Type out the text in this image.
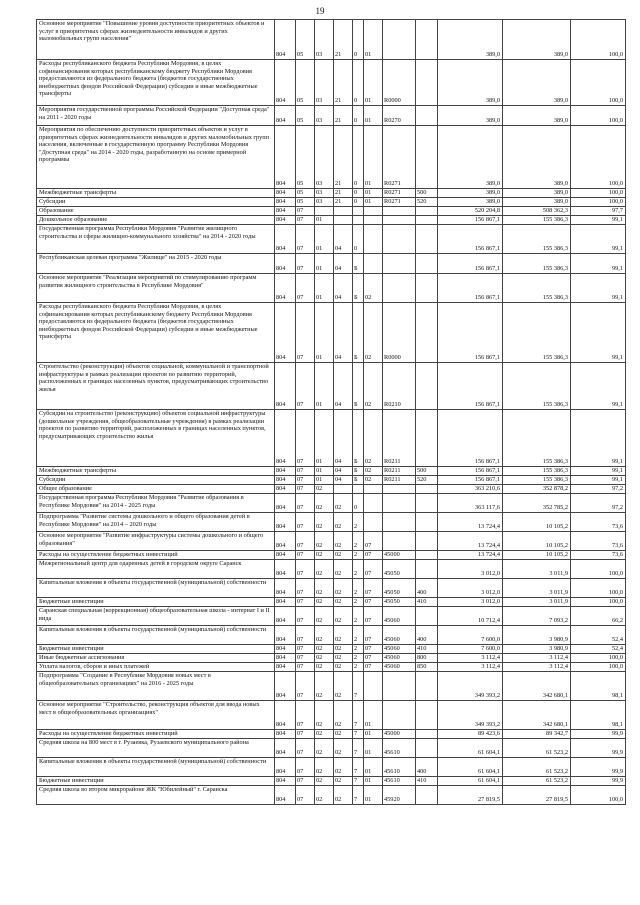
19
Основное мероприятие "Повышение уровня доступности приоритетных объектов и услуг в приоритетных сферах жизнедеятельности инвалидов и других маломобильных групп населения"	804	05	03	21	0	01			389,0	389,0	100,0
Расходы республиканского бюджета Республики Мордовия, в целях софинансирования которых республиканскому бюджету Республики Мордовия предоставляются из федерального бюджета (бюджетов государственных внебюджетных фондов Российской Федерации) субсидии и иные межбюджетные трансферты	804	05	03	21	0	01	R0000		389,0	389,0	100,0
Мероприятия государственной программы Российской Федерации "Доступная среда" на 2011 - 2020 годы	804	05	03	21	0	01	R0270		389,0	389,0	100,0
Мероприятия по обеспечению доступности приоритетных объектов и услуг в приоритетных сферах жизнедеятельности инвалидов и других маломобильных групп населения, включенные в государственную программу Республики Мордовия "Доступная среда" на 2014 - 2020 годы, разработанную на основе примерной программы	804	05	03	21	0	01	R0271		389,0	389,0	100,0
Межбюджетные трансферты	804	05	03	21	0	01	R0271	500	389,0	389,0	100,0
Субсидии	804	05	03	21	0	01	R0271	520	389,0	389,0	100,0
Образование	804	07							520 204,8	508 362,3	97,7
Дошкольное образование	804	07	01						156 867,1	155 386,3	99,1
Государственная программа Республики Мордовия "Развитие жилищного строительства и сферы жилищно-коммунального хозяйства" на 2014 - 2020 годы	804	07	01	04	0				156 867,1	155 386,3	99,1
Республиканская целевая программа "Жилище" на 2015 - 2020 годы	804	07	01	04	Б				156 867,1	155 386,3	99,1
Основное мероприятие "Реализация мероприятий по стимулированию программ развития жилищного строительства в Республике Мордовия"	804	07	01	04	Б	02			156 867,1	155 386,3	99,1
Расходы республиканского бюджета Республики Мордовия, в целях софинансирования которых республиканскому бюджету Республики Мордовия предоставляются из федерального бюджета (бюджетов государственных внебюджетных фондов Российской Федерации) субсидии и иные межбюджетные трансферты	804	07	01	04	Б	02	R0000		156 867,1	155 386,3	99,1
Строительство (реконструкция) объектов социальной, коммунальной и транспортной инфраструктуры в рамках реализации проектов по развитию территорий, расположенных в границах населенных пунктов, предусматривающих строительство жилья	804	07	01	04	Б	02	R0210		156 867,1	155 386,3	99,1
Субсидии на строительство (реконструкцию) объектов социальной инфраструктуры (дошкольные учреждения, общеобразовательные учреждения) в рамках реализации проектов по развитию территорий, расположенных в границах населенных пунктов, предусматривающих строительство жилья	804	07	01	04	Б	02	R0211		156 867,1	155 386,3	99,1
Межбюджетные трансферты	804	07	01	04	Б	02	R0211	500	156 867,1	155 386,3	99,1
Субсидии	804	07	01	04	Б	02	R0211	520	156 867,1	155 386,3	99,1
Общее образование	804	07	02						363 210,6	352 878,2	97,2
Государственная программа Республики Мордовия "Развитие образования в Республике Мордовия" на 2014 - 2025 годы	804	07	02	02	0				363 117,6	352 785,2	97,2
Подпрограмма "Развитие системы дошкольного и общего образования детей в Республике Мордовия" на 2014 – 2020 годы	804	07	02	02	2				13 724,4	10 105,2	73,6
Основное мероприятие "Развитие инфраструктуры системы дошкольного и общего образования"	804	07	02	02	2	07			13 724,4	10 105,2	73,6
Расходы на осуществление бюджетных инвестиций	804	07	02	02	2	07	45000		13 724,4	10 105,2	73,6
Межрегиональный центр для одаренных детей в городском округе Саранск	804	07	02	02	2	07	45050		3 012,0	3 011,9	100,0
Капитальные вложения в объекты государственной (муниципальной) собственности	804	07	02	02	2	07	45050	400	3 012,0	3 011,9	100,0
Бюджетные инвестиции	804	07	02	02	2	07	45050	410	3 012,0	3 011,9	100,0
Саранская специальная (коррекционная) общеобразовательная школа - интернат I и II вида	804	07	02	02	2	07	45060		10 712,4	7 093,2	66,2
Капитальные вложения в объекты государственной (муниципальной) собственности	804	07	02	02	2	07	45060	400	7 600,0	3 980,9	52,4
Бюджетные инвестиции	804	07	02	02	2	07	45060	410	7 600,0	3 980,9	52,4
Иные бюджетные ассигнования	804	07	02	02	2	07	45060	800	3 112,4	3 112,4	100,0
Уплата налогов, сборов и иных платежей	804	07	02	02	2	07	45060	850	3 112,4	3 112,4	100,0
Подпрограмма "Создание в Республике Мордовия новых мест в общеобразовательных организациях" на 2016 - 2025 годы	804	07	02	02	7				349 393,2	342 680,1	98,1
Основное мероприятие "Строительство, реконструкция объектов для ввода новых мест в общеобразовательных организациях"	804	07	02	02	7	01			349 393,2	342 680,1	98,1
Расходы на осуществление бюджетных инвестиций	804	07	02	02	7	01	45000		89 423,6	89 342,7	99,9
Средняя школа на 800 мест в г. Рузаевка, Рузаевского муниципального района	804	07	02	02	7	01	45610		61 604,1	61 523,2	99,9
Капитальные вложения в объекты государственной (муниципальной) собственности	804	07	02	02	7	01	45610	400	61 604,1	61 523,2	99,9
Бюджетные инвестиции	804	07	02	02	7	01	45610	410	61 604,1	61 523,2	99,9
Средняя школа во втором микрорайоне ЖК "Юбилейный" г. Саранска	804	07	02	02	7	01	45920		27 819,5	27 819,5	100,0
